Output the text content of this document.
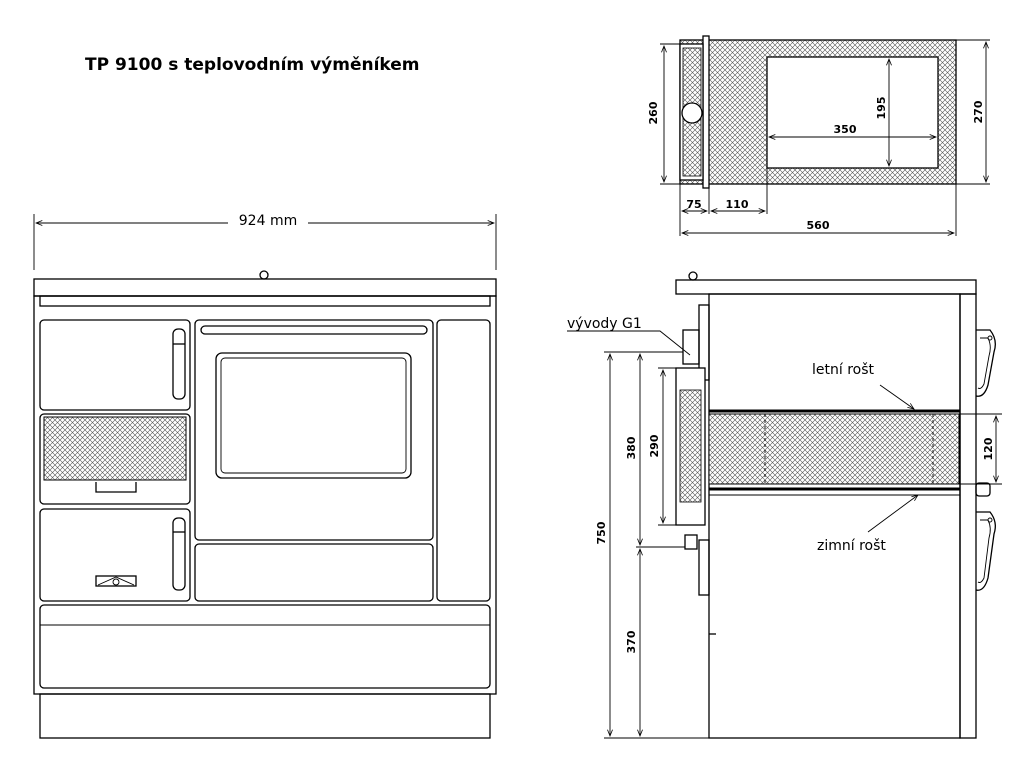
TP 9100 s teplovodním výměníkem
924 mm
195
350
260	270
75 110
560
vývody G1
letní rošt
zimní rošt
750
380
370
290	120
